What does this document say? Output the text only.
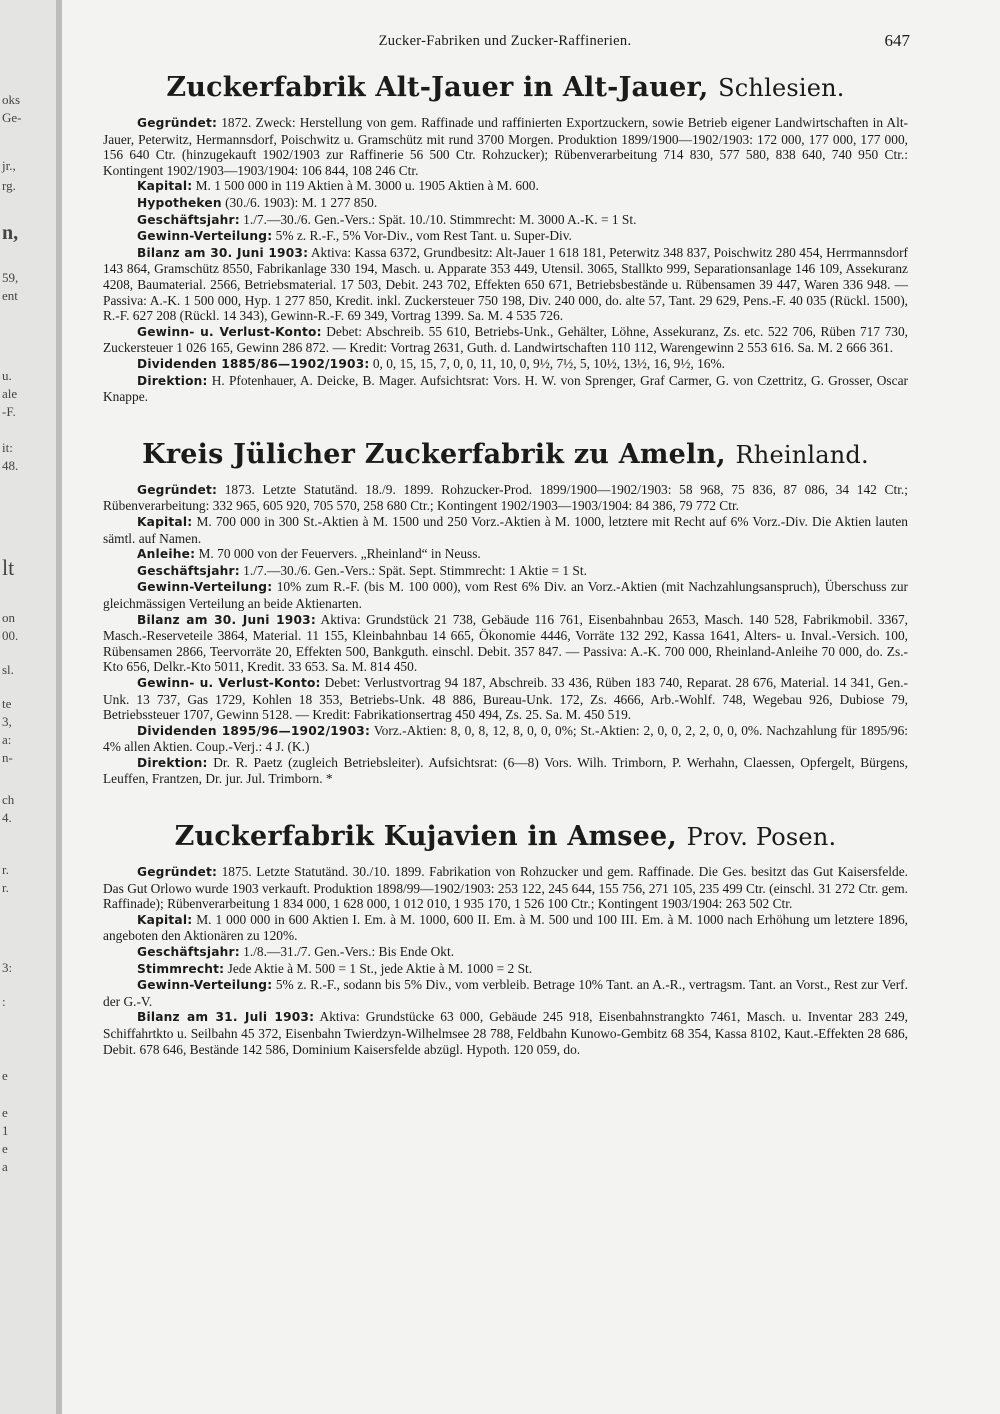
oks
Ge-
jr.,
rg.
n,
59,
ent
u.
ale
-F.
it:
48.
lt
on
00.
sl.
te
3,
a:
n-
ch
4.
r.
r.
3:
:
e
e
1
e
a
Zucker-Fabriken und Zucker-Raffinerien.	647
Zuckerfabrik Alt-Jauer in Alt-Jauer, Schlesien.

Gegründet: 1872. Zweck: Herstellung von gem. Raffinade und raffinierten Exportzuckern, sowie Betrieb eigener Landwirtschaften in Alt-Jauer, Peterwitz, Hermannsdorf, Poischwitz u. Gramschütz mit rund 3700 Morgen. Produktion 1899/1900—1902/1903: 172 000, 177 000, 177 000, 156 640 Ctr. (hinzugekauft 1902/1903 zur Raffinerie 56 500 Ctr. Rohzucker); Rübenverarbeitung 714 830, 577 580, 838 640, 740 950 Ctr.: Kontingent 1902/1903—1903/1904: 106 844, 108 246 Ctr.

Kapital: M. 1 500 000 in 119 Aktien à M. 3000 u. 1905 Aktien à M. 600.

Hypotheken (30./6. 1903): M. 1 277 850.

Geschäftsjahr: 1./7.—30./6. Gen.-Vers.: Spät. 10./10. Stimmrecht: M. 3000 A.-K. = 1 St.

Gewinn-Verteilung: 5% z. R.-F., 5% Vor-Div., vom Rest Tant. u. Super-Div.

Bilanz am 30. Juni 1903: Aktiva: Kassa 6372, Grundbesitz: Alt-Jauer 1 618 181, Peterwitz 348 837, Poischwitz 280 454, Herrmannsdorf 143 864, Gramschütz 8550, Fabrikanlage 330 194, Masch. u. Apparate 353 449, Utensil. 3065, Stallkto 999, Separationsanlage 146 109, Assekuranz 4208, Baumaterial. 2566, Betriebsmaterial. 17 503, Debit. 243 702, Effekten 650 671, Betriebsbestände u. Rübensamen 39 447, Waren 336 948. — Passiva: A.-K. 1 500 000, Hyp. 1 277 850, Kredit. inkl. Zuckersteuer 750 198, Div. 240 000, do. alte 57, Tant. 29 629, Pens.-F. 40 035 (Rückl. 1500), R.-F. 627 208 (Rückl. 14 343), Gewinn-R.-F. 69 349, Vortrag 1399. Sa. M. 4 535 726.

Gewinn- u. Verlust-Konto: Debet: Abschreib. 55 610, Betriebs-Unk., Gehälter, Löhne, Assekuranz, Zs. etc. 522 706, Rüben 717 730, Zuckersteuer 1 026 165, Gewinn 286 872. — Kredit: Vortrag 2631, Guth. d. Landwirtschaften 110 112, Warengewinn 2 553 616. Sa. M. 2 666 361.

Dividenden 1885/86—1902/1903: 0, 0, 15, 15, 7, 0, 0, 11, 10, 0, 9½, 7½, 5, 10½, 13½, 16, 9½, 16%.

Direktion: H. Pfotenhauer, A. Deicke, B. Mager. Aufsichtsrat: Vors. H. W. von Sprenger, Graf Carmer, G. von Czettritz, G. Grosser, Oscar Knappe.

Kreis Jülicher Zuckerfabrik zu Ameln, Rheinland.

Gegründet: 1873. Letzte Statutänd. 18./9. 1899. Rohzucker-Prod. 1899/1900—1902/1903: 58 968, 75 836, 87 086, 34 142 Ctr.; Rübenverarbeitung: 332 965, 605 920, 705 570, 258 680 Ctr.; Kontingent 1902/1903—1903/1904: 84 386, 79 772 Ctr.

Kapital: M. 700 000 in 300 St.-Aktien à M. 1500 und 250 Vorz.-Aktien à M. 1000, letztere mit Recht auf 6% Vorz.-Div. Die Aktien lauten sämtl. auf Namen.

Anleihe: M. 70 000 von der Feuervers. „Rheinland“ in Neuss.

Geschäftsjahr: 1./7.—30./6. Gen.-Vers.: Spät. Sept. Stimmrecht: 1 Aktie = 1 St.

Gewinn-Verteilung: 10% zum R.-F. (bis M. 100 000), vom Rest 6% Div. an Vorz.-Aktien (mit Nachzahlungsanspruch), Überschuss zur gleichmässigen Verteilung an beide Aktienarten.

Bilanz am 30. Juni 1903: Aktiva: Grundstück 21 738, Gebäude 116 761, Eisenbahnbau 2653, Masch. 140 528, Fabrikmobil. 3367, Masch.-Reserveteile 3864, Material. 11 155, Kleinbahnbau 14 665, Ökonomie 4446, Vorräte 132 292, Kassa 1641, Alters- u. Inval.-Versich. 100, Rübensamen 2866, Teervorräte 20, Effekten 500, Bankguth. einschl. Debit. 357 847. — Passiva: A.-K. 700 000, Rheinland-Anleihe 70 000, do. Zs.-Kto 656, Delkr.-Kto 5011, Kredit. 33 653. Sa. M. 814 450.

Gewinn- u. Verlust-Konto: Debet: Verlustvortrag 94 187, Abschreib. 33 436, Rüben 183 740, Reparat. 28 676, Material. 14 341, Gen.-Unk. 13 737, Gas 1729, Kohlen 18 353, Betriebs-Unk. 48 886, Bureau-Unk. 172, Zs. 4666, Arb.-Wohlf. 748, Wegebau 926, Dubiose 79, Betriebssteuer 1707, Gewinn 5128. — Kredit: Fabrikationsertrag 450 494, Zs. 25. Sa. M. 450 519.

Dividenden 1895/96—1902/1903: Vorz.-Aktien: 8, 0, 8, 12, 8, 0, 0, 0%; St.-Aktien: 2, 0, 0, 2, 2, 0, 0, 0%. Nachzahlung für 1895/96: 4% allen Aktien. Coup.-Verj.: 4 J. (K.)

Direktion: Dr. R. Paetz (zugleich Betriebsleiter). Aufsichtsrat: (6—8) Vors. Wilh. Trimborn, P. Werhahn, Claessen, Opfergelt, Bürgens, Leuffen, Frantzen, Dr. jur. Jul. Trimborn. *

Zuckerfabrik Kujavien in Amsee, Prov. Posen.

Gegründet: 1875. Letzte Statutänd. 30./10. 1899. Fabrikation von Rohzucker und gem. Raffinade. Die Ges. besitzt das Gut Kaisersfelde. Das Gut Orlowo wurde 1903 verkauft. Produktion 1898/99—1902/1903: 253 122, 245 644, 155 756, 271 105, 235 499 Ctr. (einschl. 31 272 Ctr. gem. Raffinade); Rübenverarbeitung 1 834 000, 1 628 000, 1 012 010, 1 935 170, 1 526 100 Ctr.; Kontingent 1903/1904: 263 502 Ctr.

Kapital: M. 1 000 000 in 600 Aktien I. Em. à M. 1000, 600 II. Em. à M. 500 und 100 III. Em. à M. 1000 nach Erhöhung um letztere 1896, angeboten den Aktionären zu 120%.

Geschäftsjahr: 1./8.—31./7. Gen.-Vers.: Bis Ende Okt.

Stimmrecht: Jede Aktie à M. 500 = 1 St., jede Aktie à M. 1000 = 2 St.

Gewinn-Verteilung: 5% z. R.-F., sodann bis 5% Div., vom verbleib. Betrage 10% Tant. an A.-R., vertragsm. Tant. an Vorst., Rest zur Verf. der G.-V.

Bilanz am 31. Juli 1903: Aktiva: Grundstücke 63 000, Gebäude 245 918, Eisenbahnstrangkto 7461, Masch. u. Inventar 283 249, Schiffahrtkto u. Seilbahn 45 372, Eisenbahn Twierdzyn-Wilhelmsee 28 788, Feldbahn Kunowo-Gembitz 68 354, Kassa 8102, Kaut.-Effekten 28 686, Debit. 678 646, Bestände 142 586, Dominium Kaisersfelde abzügl. Hypoth. 120 059, do.
